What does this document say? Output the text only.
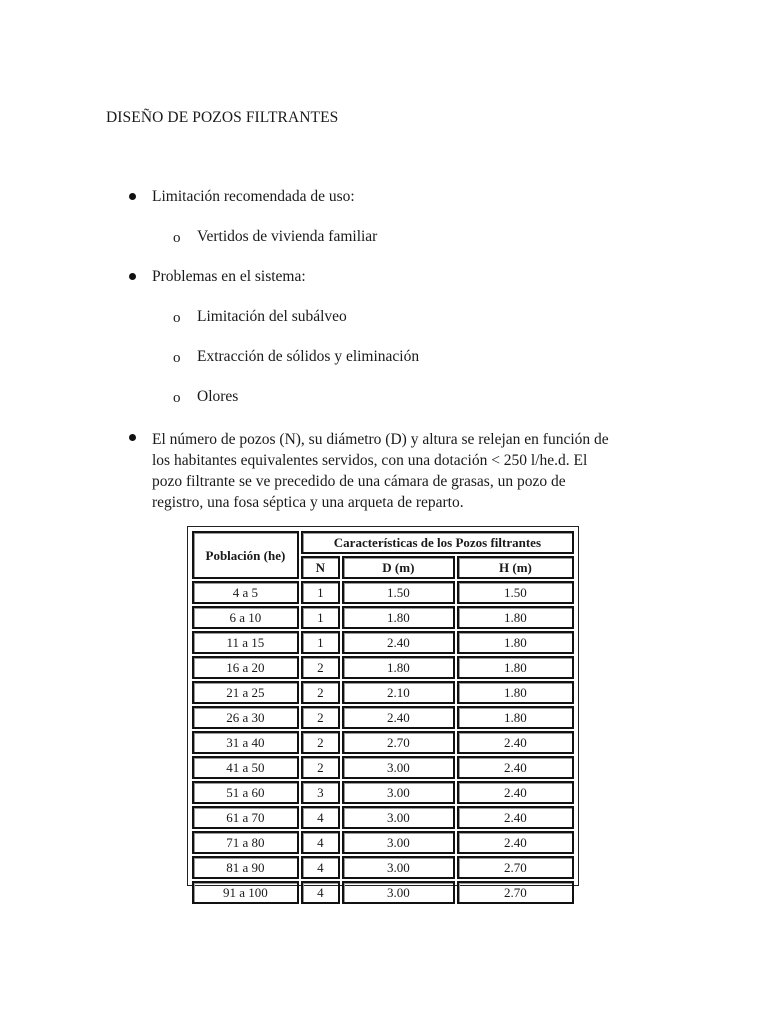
DISEÑO DE POZOS FILTRANTES
Limitación recomendada de uso:
o Vertidos de vivienda familiar
Problemas en el sistema:
o Limitación del subálveo
o Extracción de sólidos y eliminación
o Olores
El número de pozos (N), su diámetro (D) y altura se relejan en función de
los habitantes equivalentes servidos, con una dotación < 250 l/he.d. El
pozo filtrante se ve precedido de una cámara de grasas, un pozo de
registro, una fosa séptica y una arqueta de reparto.
Población (he)	Características de los Pozos filtrantes		
	N	D (m)	H (m)
4 a 5	1	1.50	1.50
6 a 10	1	1.80	1.80
11 a 15	1	2.40	1.80
16 a 20	2	1.80	1.80
21 a 25	2	2.10	1.80
26 a 30	2	2.40	1.80
31 a 40	2	2.70	2.40
41 a 50	2	3.00	2.40
51 a 60	3	3.00	2.40
61 a 70	4	3.00	2.40
71 a 80	4	3.00	2.40
81 a 90	4	3.00	2.70
91 a 100	4	3.00	2.70
